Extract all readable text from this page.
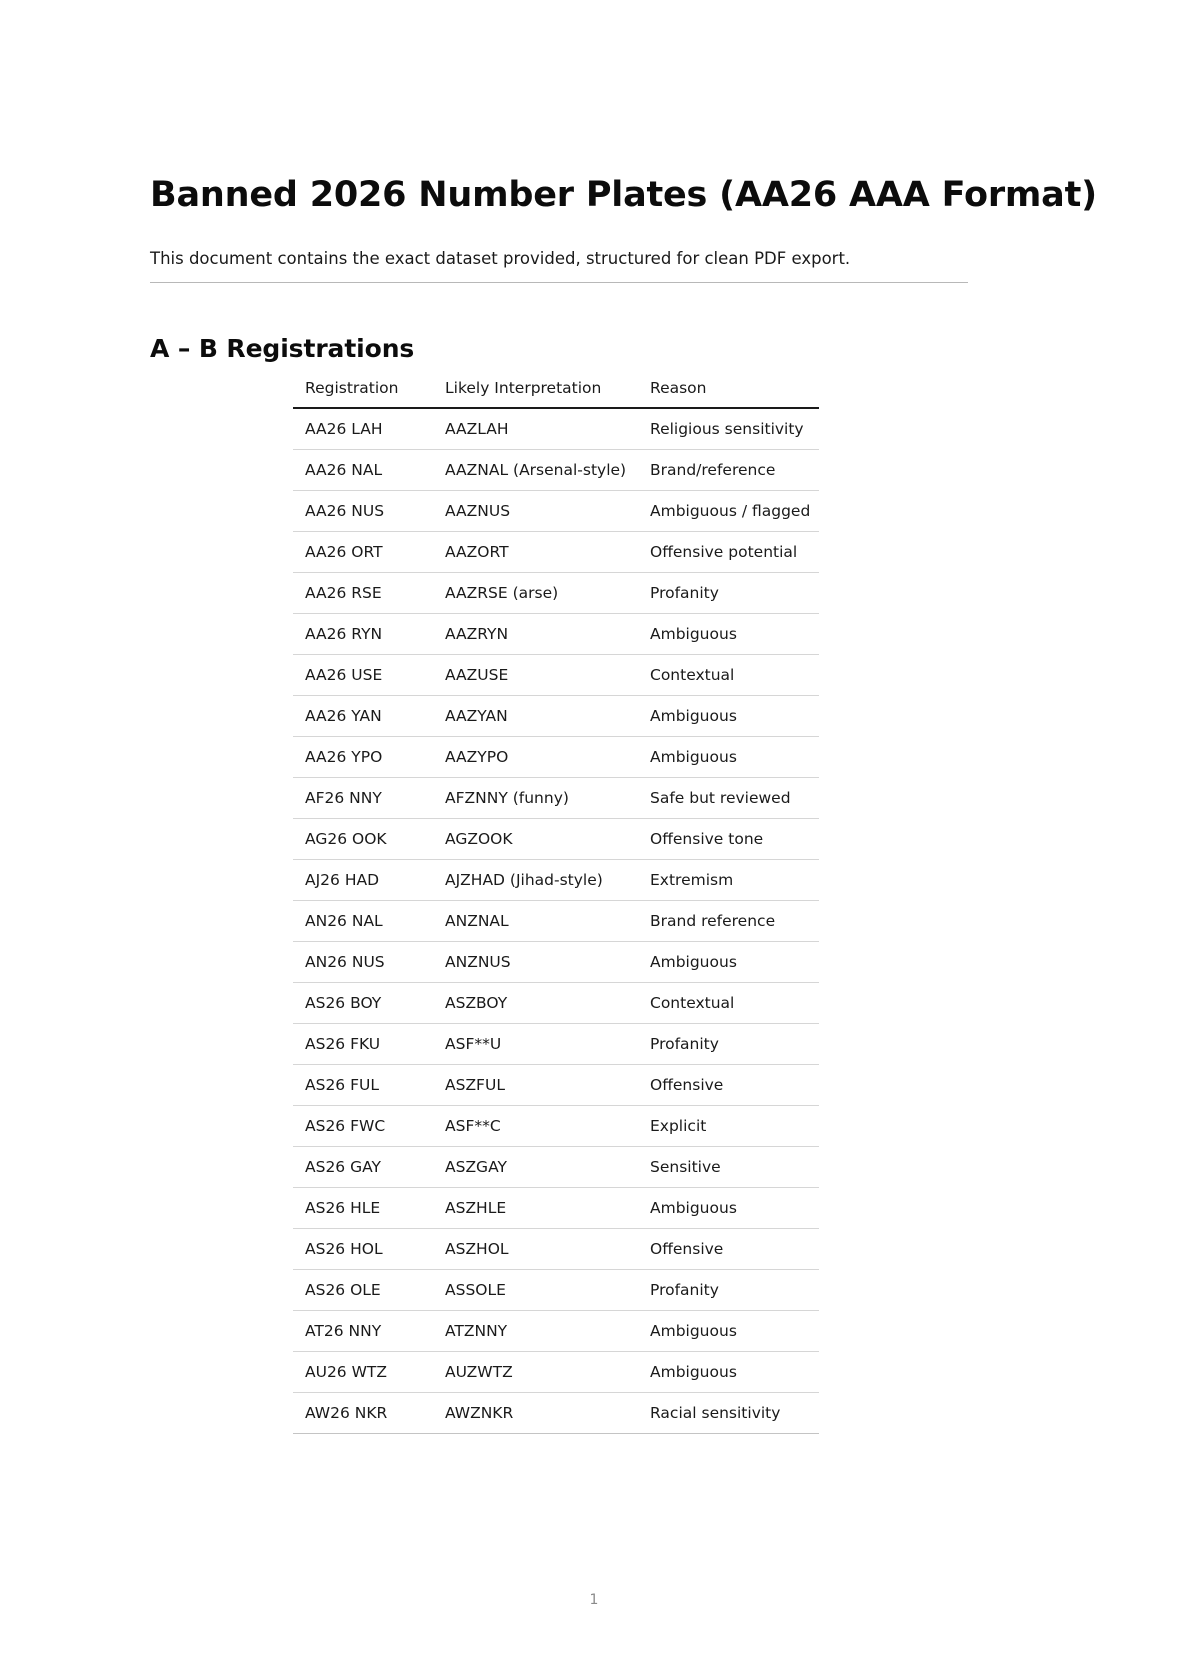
Banned 2026 Number Plates (AA26 AAA Format)

This document contains the exact dataset provided, structured for clean PDF export.

A – B Registrations
Registration	Likely Interpretation	Reason
AA26 LAH	AAZLAH	Religious sensitivity
AA26 NAL	AAZNAL (Arsenal-style)	Brand/reference
AA26 NUS	AAZNUS	Ambiguous / flagged
AA26 ORT	AAZORT	Offensive potential
AA26 RSE	AAZRSE (arse)	Profanity
AA26 RYN	AAZRYN	Ambiguous
AA26 USE	AAZUSE	Contextual
AA26 YAN	AAZYAN	Ambiguous
AA26 YPO	AAZYPO	Ambiguous
AF26 NNY	AFZNNY (funny)	Safe but reviewed
AG26 OOK	AGZOOK	Offensive tone
AJ26 HAD	AJZHAD (Jihad-style)	Extremism
AN26 NAL	ANZNAL	Brand reference
AN26 NUS	ANZNUS	Ambiguous
AS26 BOY	ASZBOY	Contextual
AS26 FKU	ASF**U	Profanity
AS26 FUL	ASZFUL	Offensive
AS26 FWC	ASF**C	Explicit
AS26 GAY	ASZGAY	Sensitive
AS26 HLE	ASZHLE	Ambiguous
AS26 HOL	ASZHOL	Offensive
AS26 OLE	ASSOLE	Profanity
AT26 NNY	ATZNNY	Ambiguous
AU26 WTZ	AUZWTZ	Ambiguous
AW26 NKR	AWZNKR	Racial sensitivity
1
